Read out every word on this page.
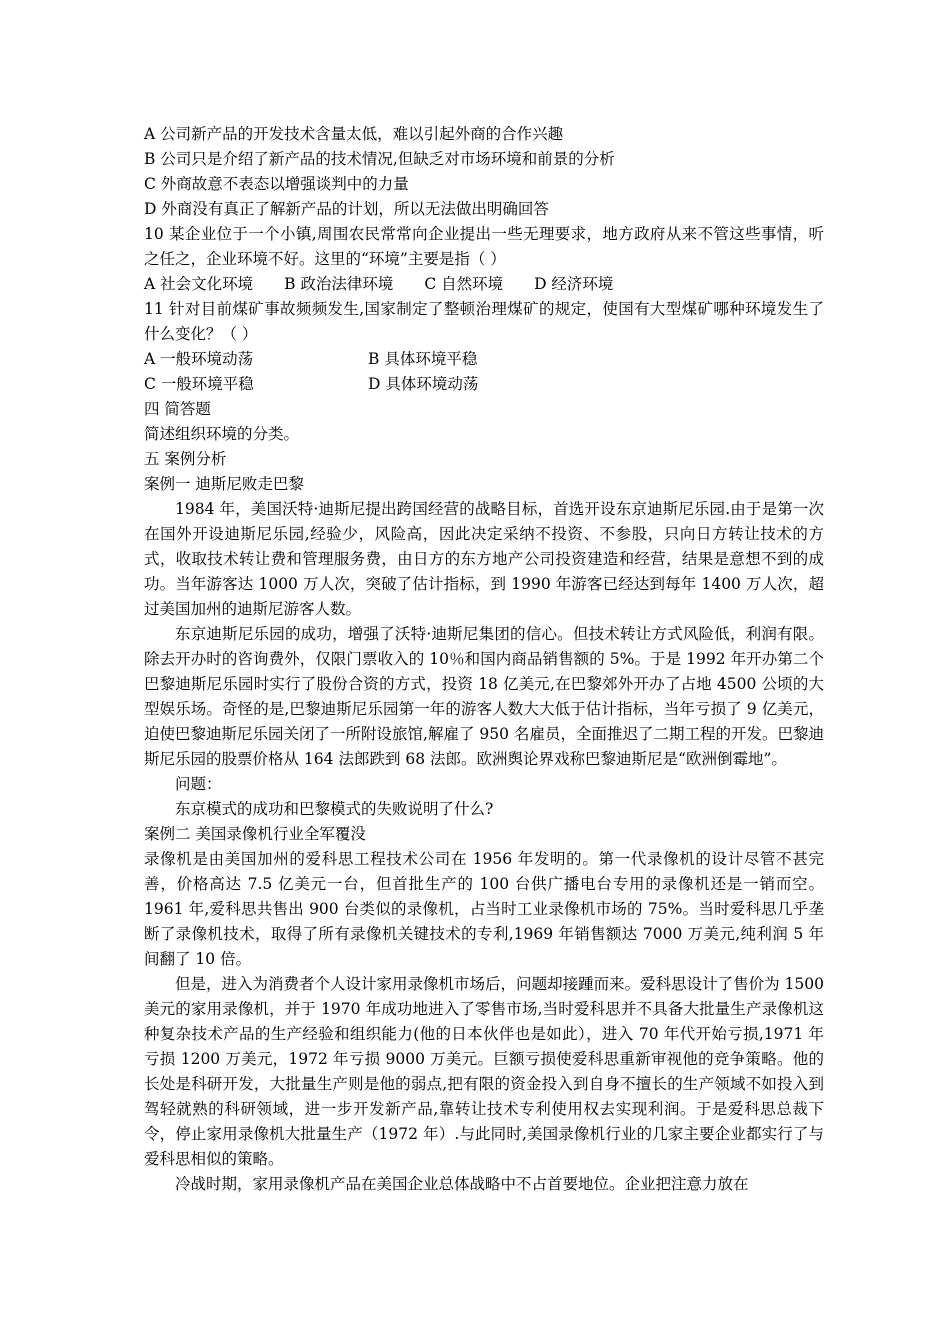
A 公司新产品的开发技术含量太低，难以引起外商的合作兴趣
B 公司只是介绍了新产品的技术情况,但缺乏对市场环境和前景的分析
C 外商故意不表态以增强谈判中的力量
D 外商没有真正了解新产品的计划，所以无法做出明确回答
10 某企业位于一个小镇,周围农民常常向企业提出一些无理要求，地方政府从来不管这些事情，听之任之，企业环境不好。这里的“环境”主要是指（ ）
A 社会文化环境 B 政治法律环境 C 自然环境 D 经济环境
11 针对目前煤矿事故频频发生,国家制定了整顿治理煤矿的规定，使国有大型煤矿哪种环境发生了什么变化？（ ）
A 一般环境动荡	B 具体环境平稳
C 一般环境平稳	D 具体环境动荡
四 简答题
简述组织环境的分类。
五 案例分析
案例一 迪斯尼败走巴黎
1984 年，美国沃特·迪斯尼提出跨国经营的战略目标，首选开设东京迪斯尼乐园.由于是第一次在国外开设迪斯尼乐园,经验少，风险高，因此决定采纳不投资、不参股，只向日方转让技术的方式，收取技术转让费和管理服务费，由日方的东方地产公司投资建造和经营，结果是意想不到的成功。当年游客达 1000 万人次，突破了估计指标，到 1990 年游客已经达到每年 1400 万人次，超过美国加州的迪斯尼游客人数。
东京迪斯尼乐园的成功，增强了沃特·迪斯尼集团的信心。但技术转让方式风险低，利润有限。除去开办时的咨询费外，仅限门票收入的 10％和国内商品销售额的 5%。于是 1992 年开办第二个巴黎迪斯尼乐园时实行了股份合资的方式，投资 18 亿美元,在巴黎郊外开办了占地 4500 公顷的大型娱乐场。奇怪的是,巴黎迪斯尼乐园第一年的游客人数大大低于估计指标，当年亏损了 9 亿美元，迫使巴黎迪斯尼乐园关闭了一所附设旅馆,解雇了 950 名雇员，全面推迟了二期工程的开发。巴黎迪斯尼乐园的股票价格从 164 法郎跌到 68 法郎。欧洲舆论界戏称巴黎迪斯尼是“欧洲倒霉地”。
问题：
东京模式的成功和巴黎模式的失败说明了什么?
案例二 美国录像机行业全军覆没
录像机是由美国加州的爱科思工程技术公司在 1956 年发明的。第一代录像机的设计尽管不甚完善，价格高达 7.5 亿美元一台，但首批生产的 100 台供广播电台专用的录像机还是一销而空。1961 年,爱科思共售出 900 台类似的录像机，占当时工业录像机市场的 75%。当时爱科思几乎垄断了录像机技术，取得了所有录像机关键技术的专利,1969 年销售额达 7000 万美元,纯利润 5 年间翻了 10 倍。
但是，进入为消费者个人设计家用录像机市场后，问题却接踵而来。爱科思设计了售价为 1500 美元的家用录像机，并于 1970 年成功地进入了零售市场,当时爱科思并不具备大批量生产录像机这种复杂技术产品的生产经验和组织能力(他的日本伙伴也是如此），进入 70 年代开始亏损,1971 年亏损 1200 万美元，1972 年亏损 9000 万美元。巨额亏损使爱科思重新审视他的竞争策略。他的长处是科研开发，大批量生产则是他的弱点,把有限的资金投入到自身不擅长的生产领域不如投入到驾轻就熟的科研领域，进一步开发新产品,靠转让技术专利使用权去实现利润。于是爱科思总裁下令，停止家用录像机大批量生产（1972 年）.与此同时,美国录像机行业的几家主要企业都实行了与爱科思相似的策略。
冷战时期，家用录像机产品在美国企业总体战略中不占首要地位。企业把注意力放在
